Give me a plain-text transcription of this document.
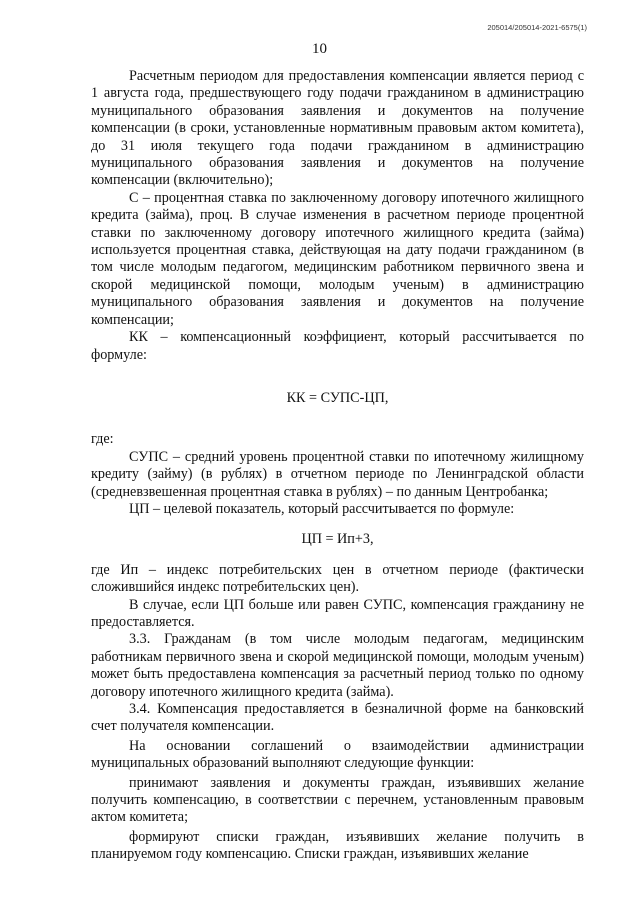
205014/205014-2021-6575(1)
10

Расчетным периодом для предоставления компенсации является период с 1 августа года, предшествующего году подачи гражданином в администрацию муниципального образования заявления и документов на получение компенсации (в сроки, установленные нормативным правовым актом комитета), до 31 июля текущего года подачи гражданином в администрацию муниципального образования заявления и документов на получение компенсации (включительно);

С – процентная ставка по заключенному договору ипотечного жилищного кредита (займа), проц. В случае изменения в расчетном периоде процентной ставки по заключенному договору ипотечного жилищного кредита (займа) используется процентная ставка, действующая на дату подачи гражданином (в том числе молодым педагогом, медицинским работником первичного звена и скорой медицинской помощи, молодым ученым) в администрацию муниципального образования заявления и документов на получение компенсации;

КК – компенсационный коэффициент, который рассчитывается по формуле:

КК = СУПС-ЦП,

где:

СУПС – средний уровень процентной ставки по ипотечному жилищному кредиту (займу) (в рублях) в отчетном периоде по Ленинградской области (средневзвешенная процентная ставка в рублях) – по данным Центробанка;

ЦП – целевой показатель, который рассчитывается по формуле:

ЦП = Ип+3,

где Ип – индекс потребительских цен в отчетном периоде (фактически сложившийся индекс потребительских цен).

В случае, если ЦП больше или равен СУПС, компенсация гражданину не предоставляется.

3.3. Гражданам (в том числе молодым педагогам, медицинским работникам первичного звена и скорой медицинской помощи, молодым ученым) может быть предоставлена компенсация за расчетный период только по одному договору ипотечного жилищного кредита (займа).

3.4. Компенсация предоставляется в безналичной форме на банковский счет получателя компенсации.

На основании соглашений о взаимодействии администрации муниципальных образований выполняют следующие функции:

принимают заявления и документы граждан, изъявивших желание получить компенсацию, в соответствии с перечнем, установленным правовым актом комитета;

формируют списки граждан, изъявивших желание получить в планируемом году компенсацию. Списки граждан, изъявивших желание
